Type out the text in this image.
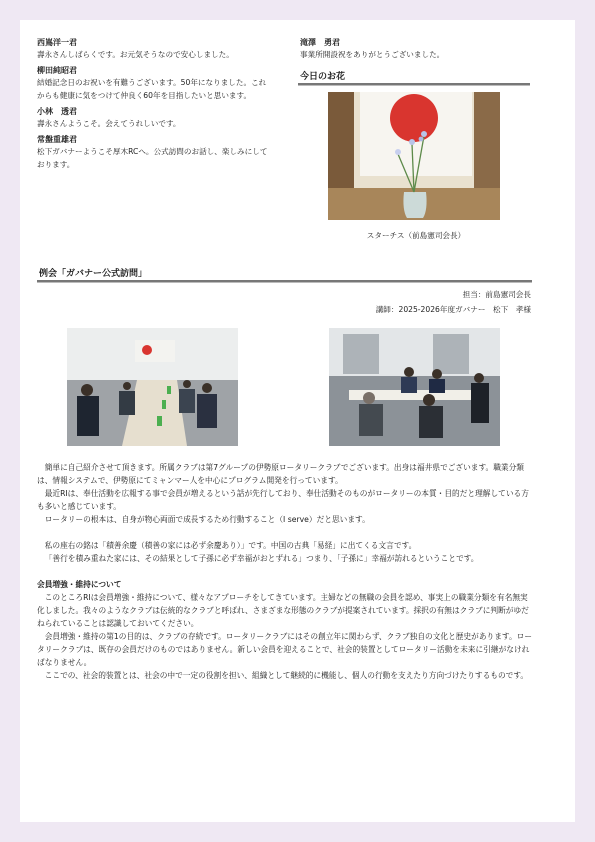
西嶌洋一君
壽永さんしばらくです。お元気そうなので安心しました。
柳田純昭君
結婚記念日のお祝いを有難うございます。50年になりました。これからも健康に気をつけて仲良く60年を目指したいと思います。
小林　透君
壽永さんようこそ。会えてうれしいです。
常盤重雄君
松下ガバナーようこそ厚木RCへ。公式訪問のお話し、楽しみにしております。
滝澤　勇君
事業所開設祝をありがとうございました。
今日のお花
スターチス（前島憲司会長）
例会「ガバナー公式訪問」
担当：前島憲司会長
講師：2025-2026年度ガバナー　松下　孝様

簡単に自己紹介させて頂きます。所属クラブは第7グループの伊勢原ロータリークラブでございます。出身は福井県でございます。職業分類は、情報システムで、伊勢原にてミャンマー人を中心にプログラム開発を行っています。

最近RIは、奉仕活動を広報する事で会員が増えるという話が先行しており、奉仕活動そのものがロータリーの本質・目的だと理解している方も多いと感じています。

ロータリーの根本は、自身が物心両面で成長するため行動すること（I serve）だと思います。

私の座右の銘は「積善余慶（積善の家には必ず余慶あり）」です。中国の古典「易経」に出てくる文言です。

「善行を積み重ねた家には、その結果として子孫に必ず幸福がおとずれる」つまり、「子孫に」幸福が訪れるということです。

会員増強・維持について

このところRIは会員増強・維持について、様々なアプローチをしてきています。主婦などの無職の会員を認め、事実上の職業分類を有名無実化しました。我々のようなクラブは伝統的なクラブと呼ばれ、さまざまな形態のクラブが提案されています。採択の有無はクラブに判断がゆだねられていることは認識しておいてください。

会員増強・維持の第1の目的は、クラブの存続です。ロータリークラブにはその創立年に関わらず、クラブ独自の文化と歴史があります。ロータリークラブは、既存の会員だけのものではありません。新しい会員を迎えることで、社会的装置としてロータリー活動を未来に引継がなければなりません。

ここでの、社会的装置とは、社会の中で一定の役割を担い、組織として継続的に機能し、個人の行動を支えたり方向づけたりするものです。
